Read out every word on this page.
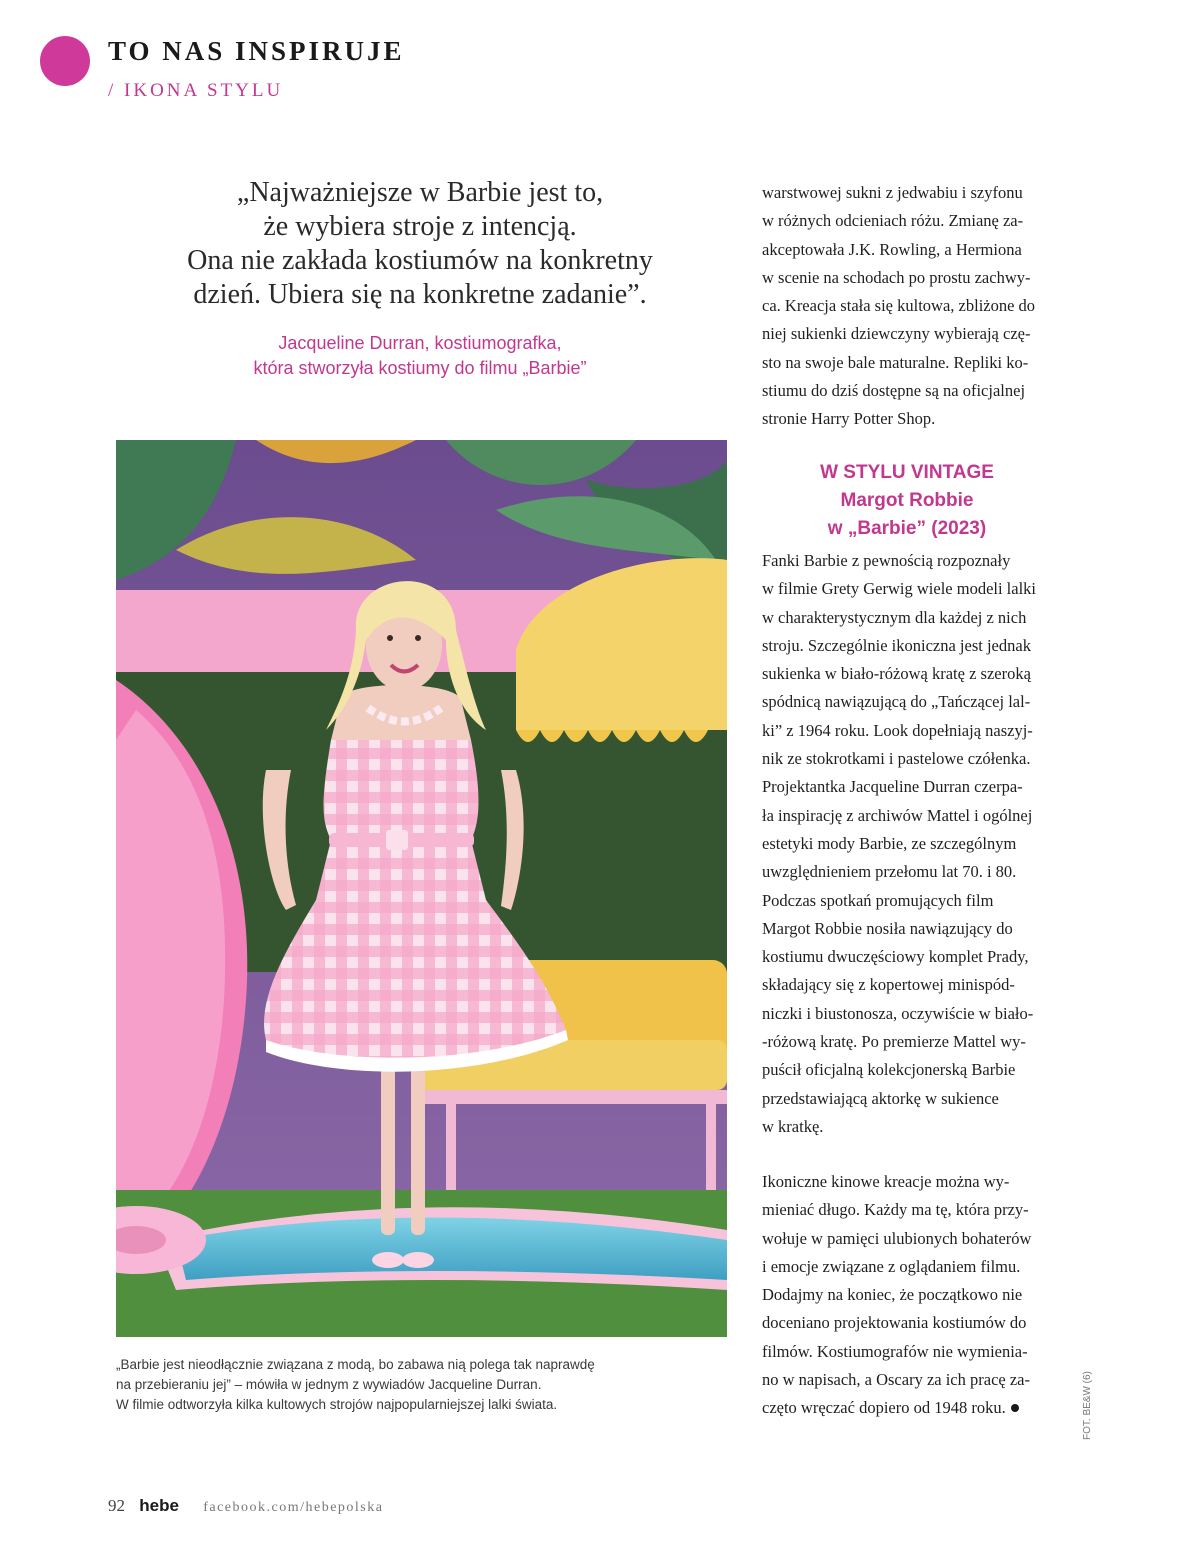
TO NAS INSPIRUJE
/ IKONA STYLU
„Najważniejsze w Barbie jest to,
że wybiera stroje z intencją.
Ona nie zakłada kostiumów na konkretny
dzień. Ubiera się na konkretne zadanie”.
Jacqueline Durran, kostiumografka,
która stworzyła kostiumy do filmu „Barbie”
„Barbie jest nieodłącznie związana z modą, bo zabawa nią polega tak naprawdę
na przebieraniu jej” – mówiła w jednym z wywiadów Jacqueline Durran.
W filmie odtworzyła kilka kultowych strojów najpopularniejszej lalki świata.
warstwowej sukni z jedwabiu i szyfonu
w różnych odcieniach różu. Zmianę za-
akceptowała J.K. Rowling, a Hermiona
w scenie na schodach po prostu zachwy-
ca. Kreacja stała się kultowa, zbliżone do
niej sukienki dziewczyny wybierają czę-
sto na swoje bale maturalne. Repliki ko-
stiumu do dziś dostępne są na oficjalnej
stronie Harry Potter Shop.
W STYLU VINTAGE
Margot Robbie
w „Barbie” (2023)
Fanki Barbie z pewnością rozpoznały
w filmie Grety Gerwig wiele modeli lalki
w charakterystycznym dla każdej z nich
stroju. Szczególnie ikoniczna jest jednak
sukienka w biało-różową kratę z szeroką
spódnicą nawiązującą do „Tańczącej lal-
ki” z 1964 roku. Look dopełniają naszyj-
nik ze stokrotkami i pastelowe czółenka.
Projektantka Jacqueline Durran czerpa-
ła inspirację z archiwów Mattel i ogólnej
estetyki mody Barbie, ze szczególnym
uwzględnieniem przełomu lat 70. i 80.
Podczas spotkań promujących film
Margot Robbie nosiła nawiązujący do
kostiumu dwuczęściowy komplet Prady,
składający się z kopertowej minispód-
niczki i biustonosza, oczywiście w biało-
-różową kratę. Po premierze Mattel wy-
puścił oficjalną kolekcjonerską Barbie
przedstawiającą aktorkę w sukience
w kratkę.
Ikoniczne kinowe kreacje można wy-
mieniać długo. Każdy ma tę, która przy-
wołuje w pamięci ulubionych bohaterów
i emocje związane z oglądaniem filmu.
Dodajmy na koniec, że początkowo nie
doceniano projektowania kostiumów do
filmów. Kostiumografów nie wymienia-
no w napisach, a Oscary za ich pracę za-
częto wręczać dopiero od 1948 roku.	FOT. BE&W (6)
92 hebe facebook.com/hebepolska
